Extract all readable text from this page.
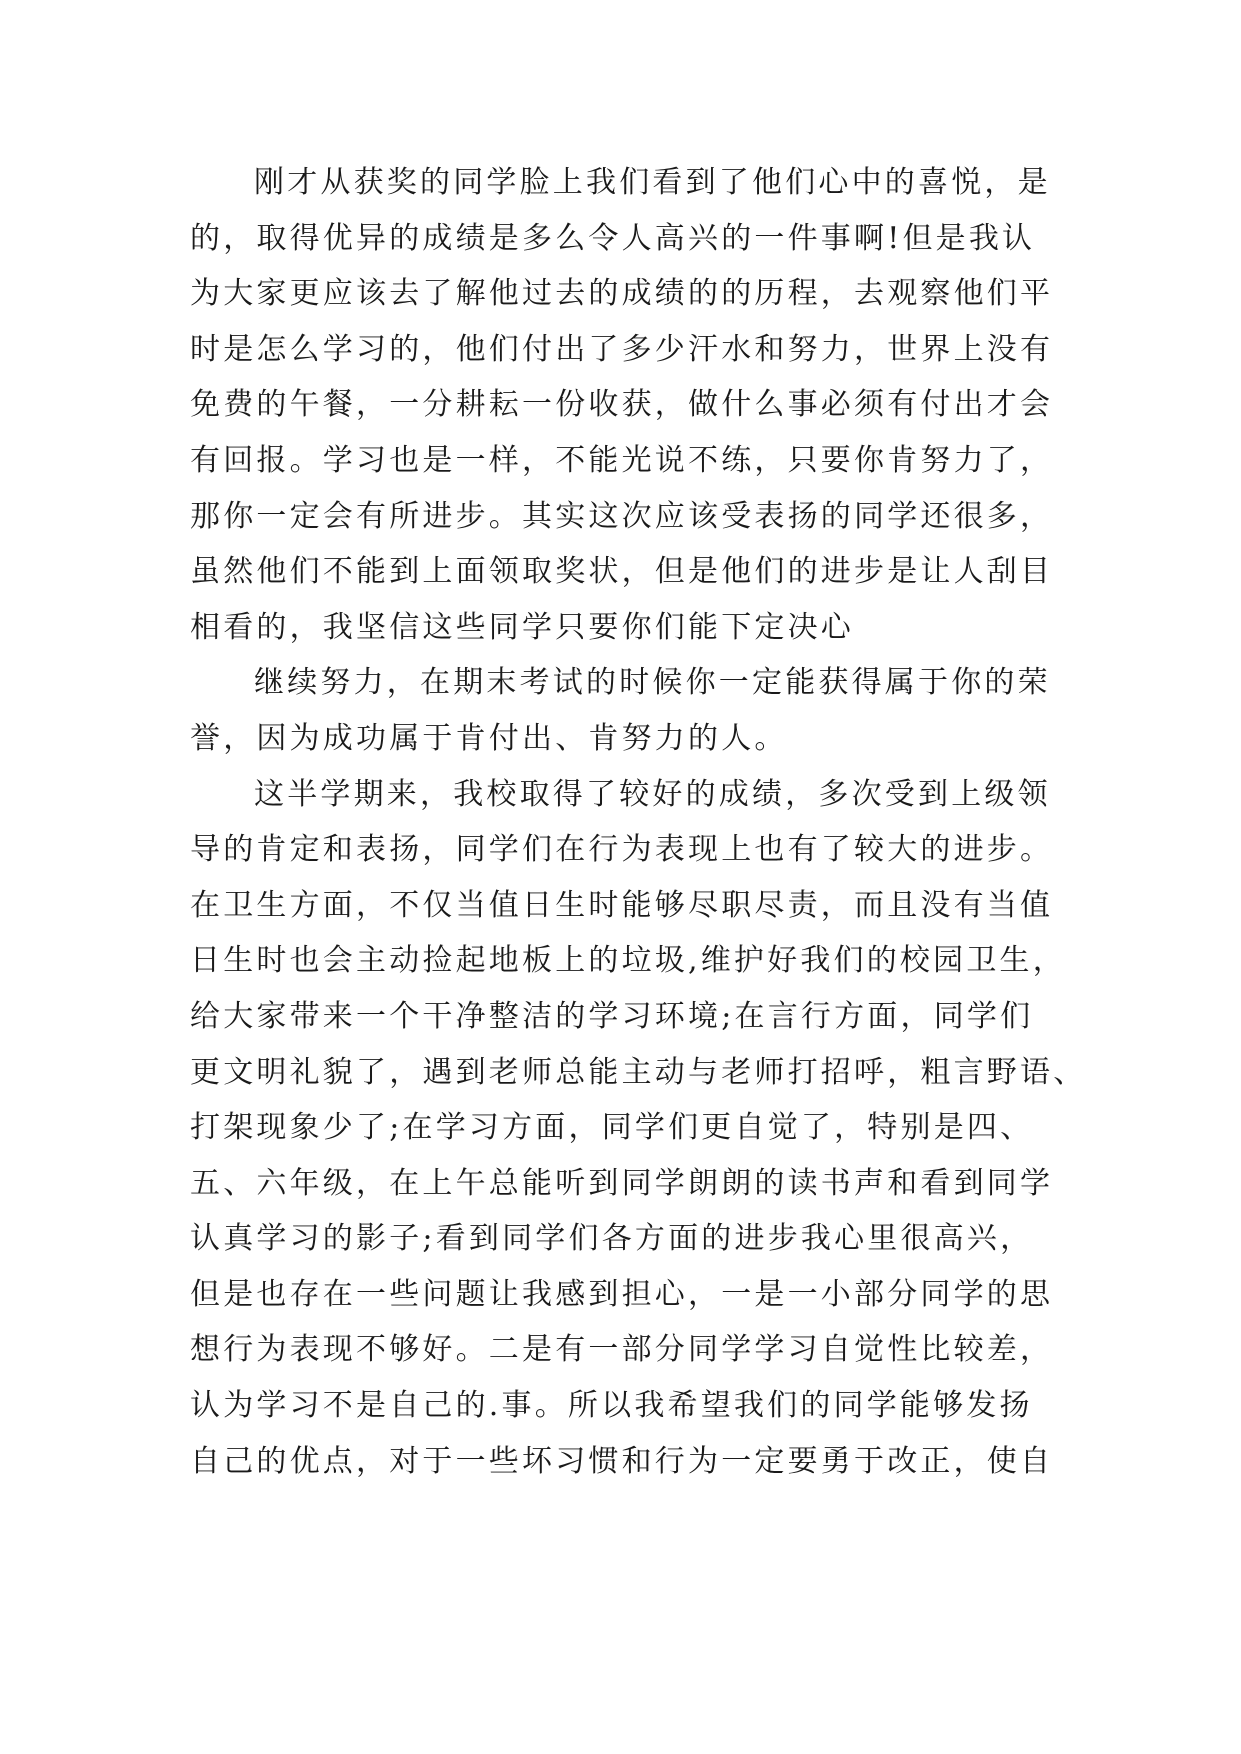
刚才从获奖的同学脸上我们看到了他们心中的喜悦，是
的，取得优异的成绩是多么令人高兴的一件事啊!但是我认
为大家更应该去了解他过去的成绩的的历程，去观察他们平
时是怎么学习的，他们付出了多少汗水和努力，世界上没有
免费的午餐，一分耕耘一份收获，做什么事必须有付出才会
有回报。学习也是一样，不能光说不练，只要你肯努力了，
那你一定会有所进步。其实这次应该受表扬的同学还很多，
虽然他们不能到上面领取奖状，但是他们的进步是让人刮目
相看的，我坚信这些同学只要你们能下定决心
继续努力，在期末考试的时候你一定能获得属于你的荣
誉，因为成功属于肯付出、肯努力的人。
这半学期来，我校取得了较好的成绩，多次受到上级领
导的肯定和表扬，同学们在行为表现上也有了较大的进步。
在卫生方面，不仅当值日生时能够尽职尽责，而且没有当值
日生时也会主动捡起地板上的垃圾,维护好我们的校园卫生，
给大家带来一个干净整洁的学习环境;在言行方面，同学们
更文明礼貌了，遇到老师总能主动与老师打招呼，粗言野语、
打架现象少了;在学习方面，同学们更自觉了，特别是四、
五、六年级，在上午总能听到同学朗朗的读书声和看到同学
认真学习的影子;看到同学们各方面的进步我心里很高兴，
但是也存在一些问题让我感到担心，一是一小部分同学的思
想行为表现不够好。二是有一部分同学学习自觉性比较差，
认为学习不是自己的.事。所以我希望我们的同学能够发扬
自己的优点，对于一些坏习惯和行为一定要勇于改正，使自
